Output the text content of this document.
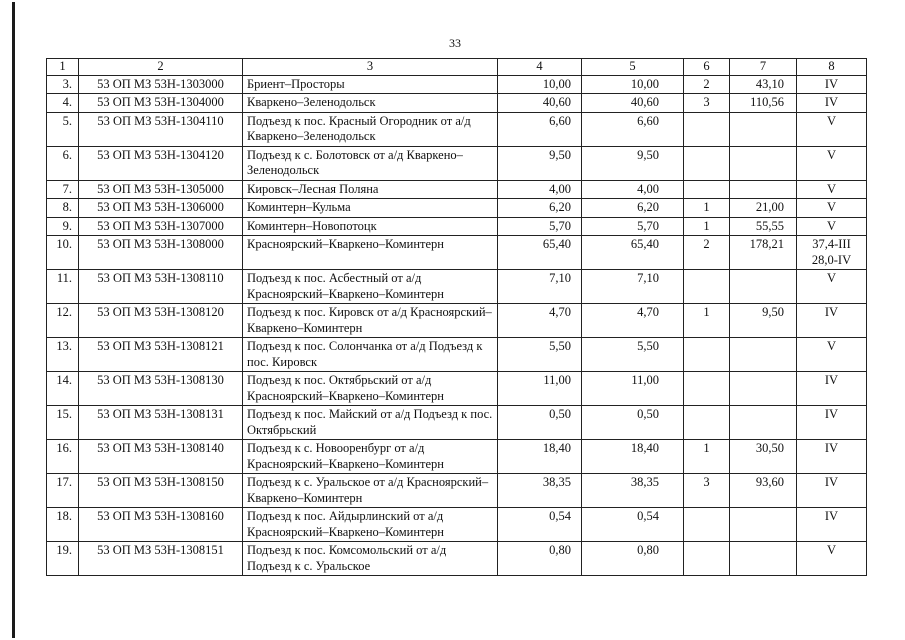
33
1	2	3	4	5	6	7	8
3.	53 ОП МЗ 53Н-1303000	Бриент–Просторы	10,00	10,00	2	43,10	IV

4.	53 ОП МЗ 53Н-1304000	Кваркено–Зеленодольск	40,60	40,60	3	110,56	IV

5.	53 ОП МЗ 53Н-1304110	Подъезд к пос. Красный Огородник от а/д Кваркено–Зеленодольск	6,60	6,60			V

6.	53 ОП МЗ 53Н-1304120	Подъезд к с. Болотовск от а/д Кваркено–Зеленодольск	9,50	9,50			V

7.	53 ОП МЗ 53Н-1305000	Кировск–Лесная Поляна	4,00	4,00			V

8.	53 ОП МЗ 53Н-1306000	Коминтерн–Кульма	6,20	6,20	1	21,00	V

9.	53 ОП МЗ 53Н-1307000	Коминтерн–Новопотоцк	5,70	5,70	1	55,55	V

10.	53 ОП МЗ 53Н-1308000	Красноярский–Кваркено–Коминтерн	65,40	65,40	2	178,21	37,4-III
28,0-IV

11.	53 ОП МЗ 53Н-1308110	Подъезд к пос. Асбестный от а/д Красноярский–Кваркено–Коминтерн	7,10	7,10			V

12.	53 ОП МЗ 53Н-1308120	Подъезд к пос. Кировск от а/д Красноярский–Кваркено–Коминтерн	4,70	4,70	1	9,50	IV

13.	53 ОП МЗ 53Н-1308121	Подъезд к пос. Солончанка от а/д Подъезд к пос. Кировск	5,50	5,50			V

14.	53 ОП МЗ 53Н-1308130	Подъезд к пос. Октябрьский от а/д Красноярский–Кваркено–Коминтерн	11,00	11,00			IV

15.	53 ОП МЗ 53Н-1308131	Подъезд к пос. Майский от а/д Подъезд к пос. Октябрьский	0,50	0,50			IV

16.	53 ОП МЗ 53Н-1308140	Подъезд к с. Новооренбург от а/д Красноярский–Кваркено–Коминтерн	18,40	18,40	1	30,50	IV

17.	53 ОП МЗ 53Н-1308150	Подъезд к с. Уральское от а/д Красноярский–Кваркено–Коминтерн	38,35	38,35	3	93,60	IV

18.	53 ОП МЗ 53Н-1308160	Подъезд к пос. Айдырлинский от а/д Красноярский–Кваркено–Коминтерн	0,54	0,54			IV

19.	53 ОП МЗ 53Н-1308151	Подъезд к пос. Комсомольский от а/д Подъезд к с. Уральское	0,80	0,80			V
